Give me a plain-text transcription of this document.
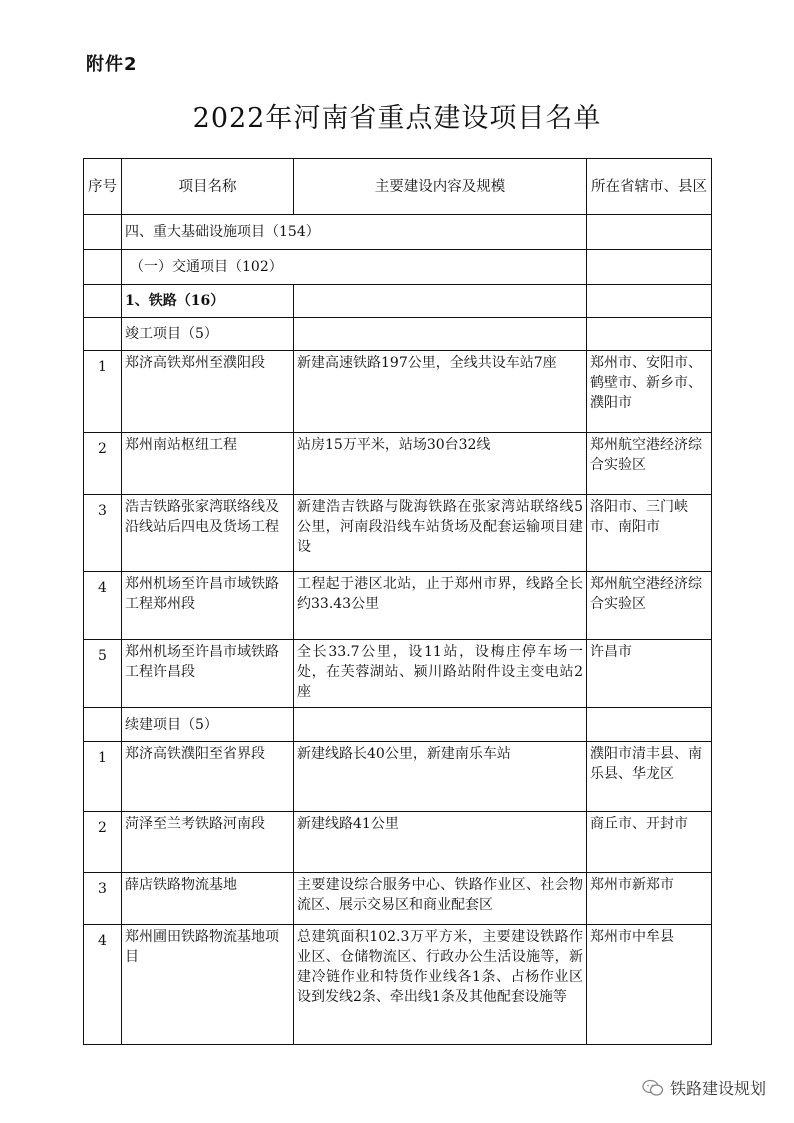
附件2
2022年河南省重点建设项目名单
序号	项目名称	主要建设内容及规模	所在省辖市、县区
	四、重大基础设施项目（154）		
	（一）交通项目（102）		
	1、铁路（16）		
	竣工项目（5）		
1	郑济高铁郑州至濮阳段	新建高速铁路197公里，全线共设车站7座	郑州市、安阳市、鹤壁市、新乡市、濮阳市
2	郑州南站枢纽工程	站房15万平米，站场30台32线	郑州航空港经济综合实验区
3	浩吉铁路张家湾联络线及沿线站后四电及货场工程	新建浩吉铁路与陇海铁路在张家湾站联络线5公里，河南段沿线车站货场及配套运输项目建设	洛阳市、三门峡市、南阳市
4	郑州机场至许昌市域铁路工程郑州段	工程起于港区北站，止于郑州市界，线路全长约33.43公里	郑州航空港经济综合实验区
5	郑州机场至许昌市域铁路工程许昌段	全长33.7公里，设11站，设梅庄停车场一处，在芙蓉湖站、颍川路站附件设主变电站2座	许昌市
	续建项目（5）		
1	郑济高铁濮阳至省界段	新建线路长40公里，新建南乐车站	濮阳市清丰县、南乐县、华龙区
2	菏泽至兰考铁路河南段	新建线路41公里	商丘市、开封市
3	薛店铁路物流基地	主要建设综合服务中心、铁路作业区、社会物流区、展示交易区和商业配套区	郑州市新郑市
4	郑州圃田铁路物流基地项目	总建筑面积102.3万平方米，主要建设铁路作业区、仓储物流区、行政办公生活设施等，新建冷链作业和特货作业线各1条、占杨作业区设到发线2条、牵出线1条及其他配套设施等	郑州市中牟县
铁路建设规划
